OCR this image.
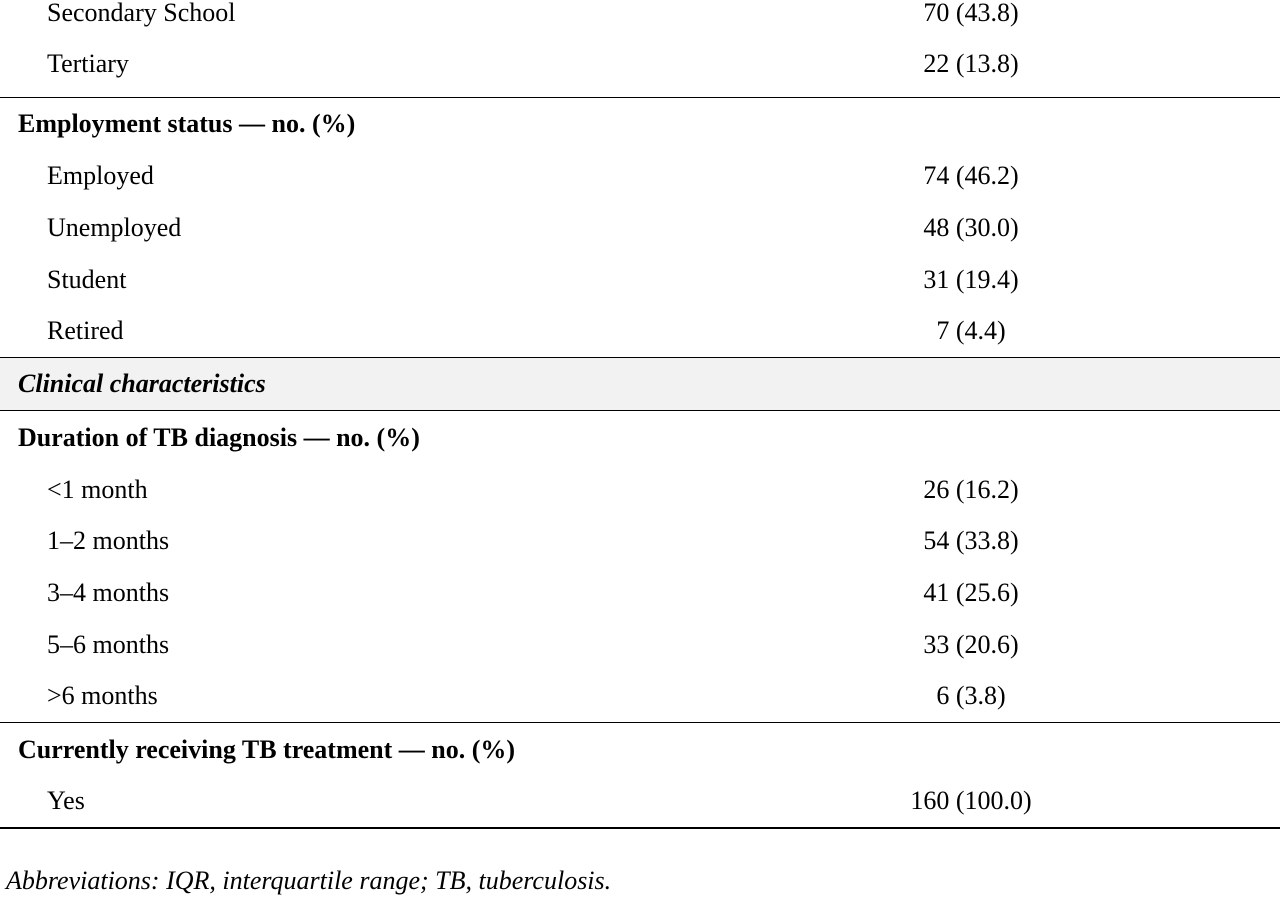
Secondary School	70 (43.8)
Tertiary	22 (13.8)
Employment status — no. (%)
Employed	74 (46.2)
Unemployed	48 (30.0)
Student	31 (19.4)
Retired	7 (4.4)
Clinical characteristics
Duration of TB diagnosis — no. (%)
<1 month	26 (16.2)
1–2 months	54 (33.8)
3–4 months	41 (25.6)
5–6 months	33 (20.6)
>6 months	6 (3.8)
Currently receiving TB treatment — no. (%)
Yes	160 (100.0)
Abbreviations: IQR, interquartile range; TB, tuberculosis.
